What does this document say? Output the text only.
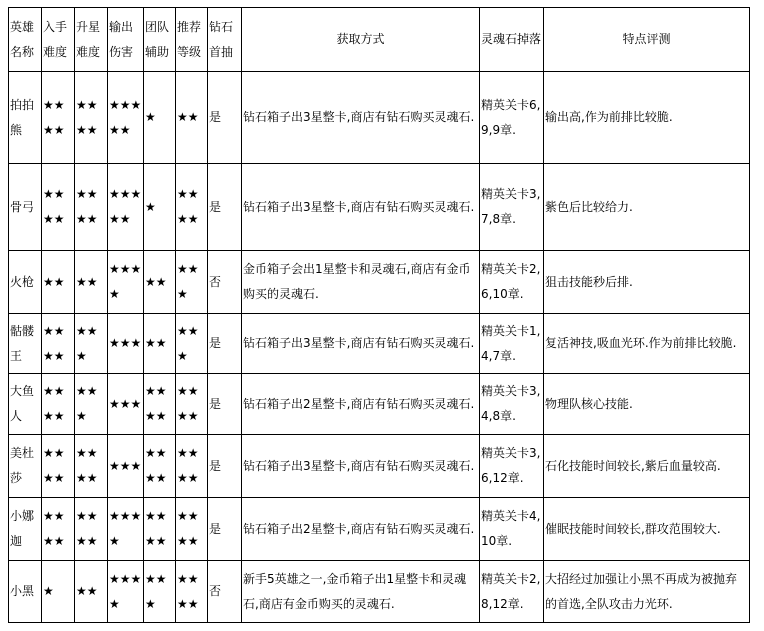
英雄名称	入手难度	升星难度	输出伤害	团队辅助	推荐等级	钻石首抽	获取方式	灵魂石掉落	特点评测
拍拍熊	★★★★	★★★★	★★★★★	★	★★	是	钻石箱子出3星整卡,商店有钻石购买灵魂石.	精英关卡6,9,9章.	输出高,作为前排比较脆.
骨弓	★★★★	★★★★	★★★★★	★	★★★★	是	钻石箱子出3星整卡,商店有钻石购买灵魂石.	精英关卡3,7,8章.	紫色后比较给力.
火枪	★★	★★	★★★★	★★	★★★	否	金币箱子会出1星整卡和灵魂石,商店有金币购买的灵魂石.	精英关卡2,6,10章.	狙击技能秒后排.
骷髅王	★★★★	★★★	★★★	★★	★★★	是	钻石箱子出3星整卡,商店有钻石购买灵魂石.	精英关卡1,4,7章.	复活神技,吸血光环.作为前排比较脆.
大鱼人	★★★★	★★★	★★★	★★★★	★★★★	是	钻石箱子出2星整卡,商店有钻石购买灵魂石.	精英关卡3,4,8章.	物理队核心技能.
美杜莎	★★★★	★★★★	★★★	★★★★	★★★★	是	钻石箱子出3星整卡,商店有钻石购买灵魂石.	精英关卡3,6,12章.	石化技能时间较长,紫后血量较高.
小娜迦	★★★★	★★★★	★★★★	★★★★	★★★★	是	钻石箱子出2星整卡,商店有钻石购买灵魂石.	精英关卡4,10章.	催眠技能时间较长,群攻范围较大.
小黑	★	★★	★★★★	★★★	★★★★	否	新手5英雄之一,金币箱子出1星整卡和灵魂石,商店有金币购买的灵魂石.	精英关卡2,8,12章.	大招经过加强让小黑不再成为被抛弃的首选,全队攻击力光环.
